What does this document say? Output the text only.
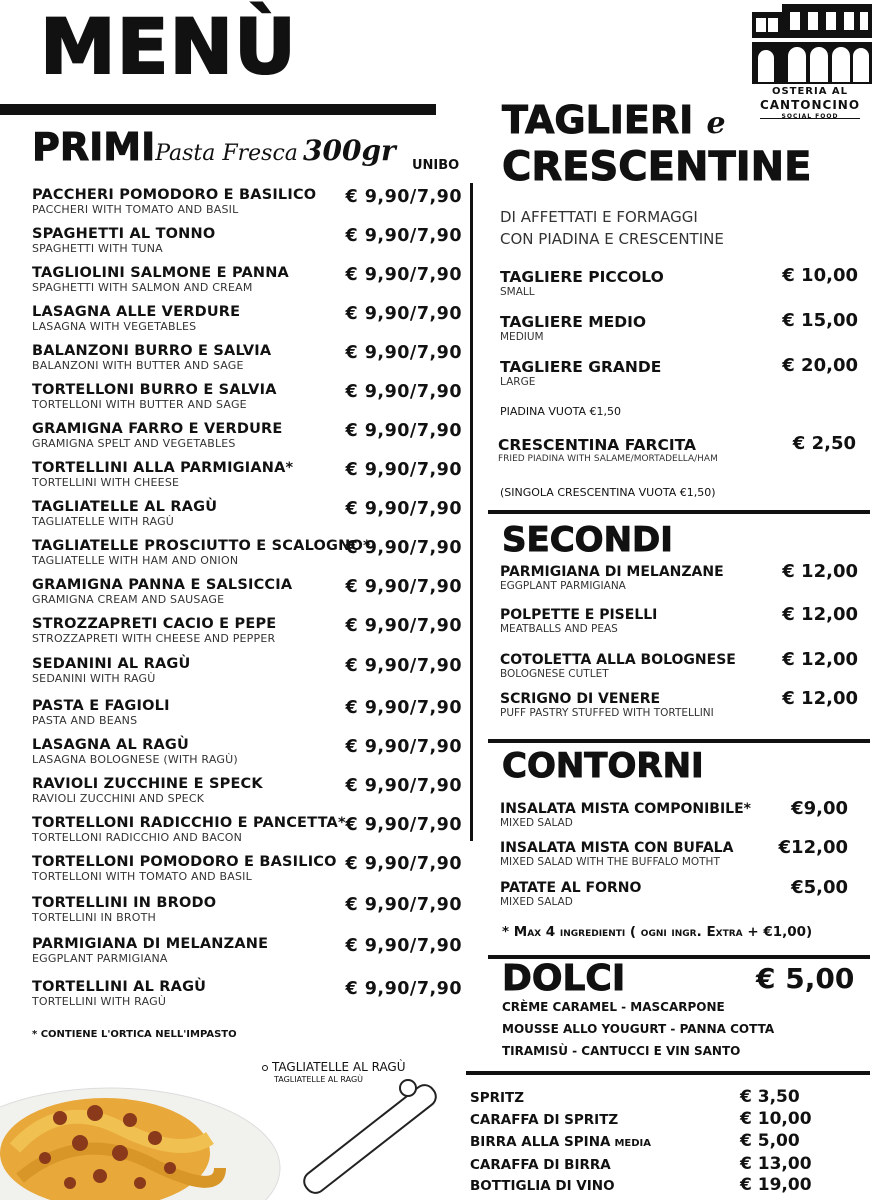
MENÙ
OSTERIA AL
CANTONCINO
SOCIAL FOOD
PRIMIPasta Fresca 300gr UNIBO
PACCHERI POMODORO E BASILICO
PACCHERI WITH TOMATO AND BASIL
€ 9,90/7,90
SPAGHETTI AL TONNO
SPAGHETTI WITH TUNA
€ 9,90/7,90
TAGLIOLINI SALMONE E PANNA
SPAGHETTI WITH SALMON AND CREAM
€ 9,90/7,90
LASAGNA ALLE VERDURE
LASAGNA WITH VEGETABLES
€ 9,90/7,90
BALANZONI BURRO E SALVIA
BALANZONI WITH BUTTER AND SAGE
€ 9,90/7,90
TORTELLONI BURRO E SALVIA
TORTELLONI WITH BUTTER AND SAGE
€ 9,90/7,90
GRAMIGNA FARRO E VERDURE
GRAMIGNA SPELT AND VEGETABLES
€ 9,90/7,90
TORTELLINI ALLA PARMIGIANA*
TORTELLINI WITH CHEESE
€ 9,90/7,90
TAGLIATELLE AL RAGÙ
TAGLIATELLE WITH RAGÙ
€ 9,90/7,90
TAGLIATELLE PROSCIUTTO E SCALOGNO*
TAGLIATELLE WITH HAM AND ONION
€ 9,90/7,90
GRAMIGNA PANNA E SALSICCIA
GRAMIGNA CREAM AND SAUSAGE
€ 9,90/7,90
STROZZAPRETI CACIO E PEPE
STROZZAPRETI WITH CHEESE AND PEPPER
€ 9,90/7,90
SEDANINI AL RAGÙ
SEDANINI WITH RAGÙ
€ 9,90/7,90
PASTA E FAGIOLI
PASTA AND BEANS
€ 9,90/7,90
LASAGNA AL RAGÙ
LASAGNA BOLOGNESE (WITH RAGÙ)
€ 9,90/7,90
RAVIOLI ZUCCHINE E SPECK
RAVIOLI ZUCCHINI AND SPECK
€ 9,90/7,90
TORTELLONI RADICCHIO E PANCETTA*
TORTELLONI RADICCHIO AND BACON
€ 9,90/7,90
TORTELLONI POMODORO E BASILICO
TORTELLONI WITH TOMATO AND BASIL
€ 9,90/7,90
TORTELLINI IN BRODO
TORTELLINI IN BROTH
€ 9,90/7,90
PARMIGIANA DI MELANZANE
EGGPLANT PARMIGIANA
€ 9,90/7,90
TORTELLINI AL RAGÙ
TORTELLINI WITH RAGÙ
€ 9,90/7,90
* CONTIENE L'ORTICA NELL'IMPASTO
TAGLIATELLE AL RAGÙ
TAGLIATELLE AL RAGÙ
TAGLIERI e
CRESCENTINE
DI AFFETTATI E FORMAGGI
CON PIADINA E CRESCENTINE
TAGLIERE PICCOLO
SMALL
€ 10,00
TAGLIERE MEDIO
MEDIUM
€ 15,00
TAGLIERE GRANDE
LARGE
€ 20,00
PIADINA VUOTA €1,50
CRESCENTINA FARCITA
FRIED PIADINA WITH SALAME/MORTADELLA/HAM
€ 2,50
(SINGOLA CRESCENTINA VUOTA €1,50)
SECONDI
PARMIGIANA DI MELANZANE
EGGPLANT PARMIGIANA
€ 12,00
POLPETTE E PISELLI
MEATBALLS AND PEAS
€ 12,00
COTOLETTA ALLA BOLOGNESE
BOLOGNESE CUTLET
€ 12,00
SCRIGNO DI VENERE
PUFF PASTRY STUFFED WITH TORTELLINI
€ 12,00
CONTORNI
INSALATA MISTA COMPONIBILE*
MIXED SALAD
€9,00
INSALATA MISTA CON BUFALA
MIXED SALAD WITH THE BUFFALO MOTHT
€12,00
PATATE AL FORNO
MIXED SALAD
€5,00
* Max 4 ingredienti ( ogni ingr. Extra + €1,00)
DOLCI	€ 5,00
CRÈME CARAMEL - MASCARPONE
MOUSSE ALLO YOUGURT - PANNA COTTA
TIRAMISÙ - CANTUCCI E VIN SANTO
SPRITZ	€ 3,50
CARAFFA DI SPRITZ	€ 10,00
BIRRA ALLA SPINA MEDIA	€ 5,00
CARAFFA DI BIRRA	€ 13,00
BOTTIGLIA DI VINO	€ 19,00
